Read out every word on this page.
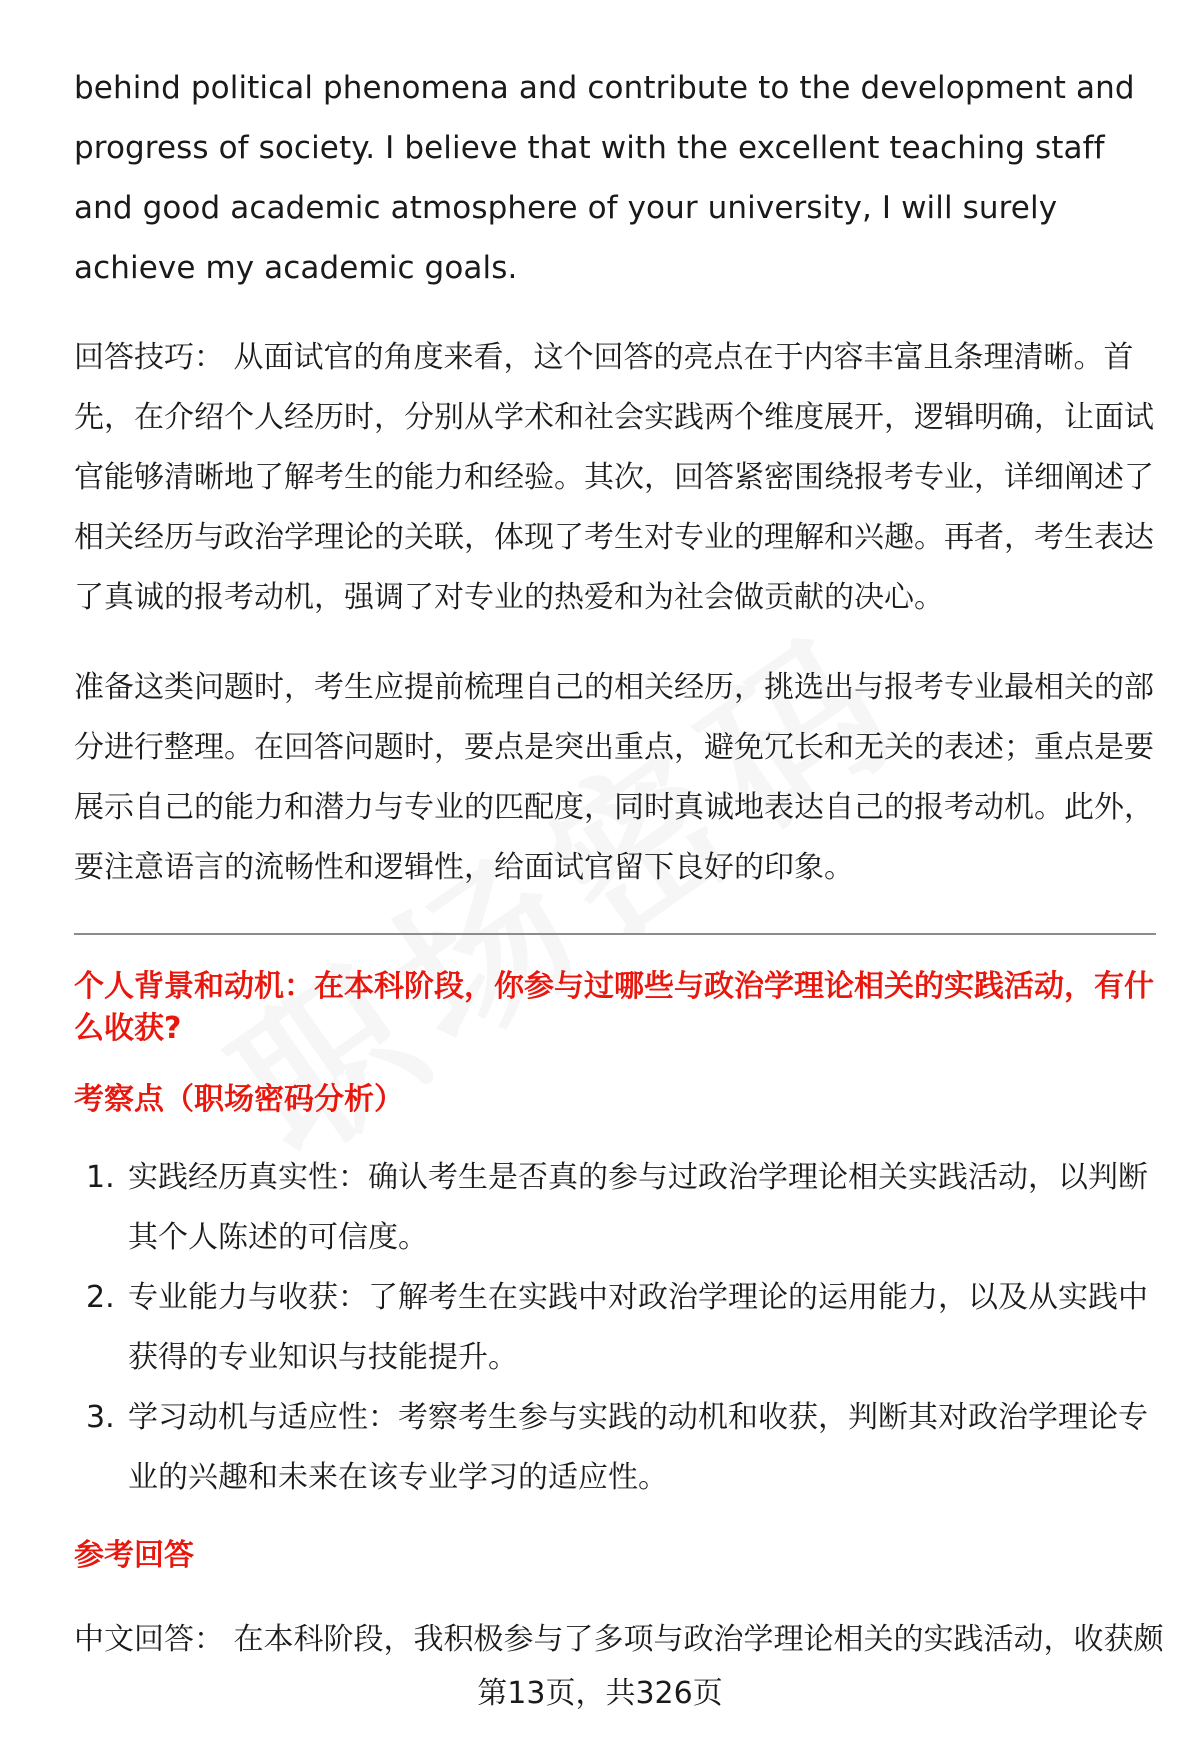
behind political phenomena and contribute to the development and progress of society. I believe that with the excellent teaching staff and good academic atmosphere of your university, I will surely achieve my academic goals.

回答技巧： 从面试官的角度来看，这个回答的亮点在于内容丰富且条理清晰。首先，在介绍个人经历时，分别从学术和社会实践两个维度展开，逻辑明确，让面试官能够清晰地了解考生的能力和经验。其次，回答紧密围绕报考专业，详细阐述了相关经历与政治学理论的关联，体现了考生对专业的理解和兴趣。再者，考生表达了真诚的报考动机，强调了对专业的热爱和为社会做贡献的决心。

准备这类问题时，考生应提前梳理自己的相关经历，挑选出与报考专业最相关的部分进行整理。在回答问题时，要点是突出重点，避免冗长和无关的表述；重点是要展示自己的能力和潜力与专业的匹配度，同时真诚地表达自己的报考动机。此外，要注意语言的流畅性和逻辑性，给面试官留下良好的印象。

个人背景和动机：在本科阶段，你参与过哪些与政治学理论相关的实践活动，有什么收获?

考察点（职场密码分析）

1. 实践经历真实性：确认考生是否真的参与过政治学理论相关实践活动，以判断其个人陈述的可信度。
2. 专业能力与收获：了解考生在实践中对政治学理论的运用能力，以及从实践中获得的专业知识与技能提升。
3. 学习动机与适应性：考察考生参与实践的动机和收获，判断其对政治学理论专业的兴趣和未来在该专业学习的适应性。

参考回答

中文回答： 在本科阶段，我积极参与了多项与政治学理论相关的实践活动，收获颇

第13页，共326页
